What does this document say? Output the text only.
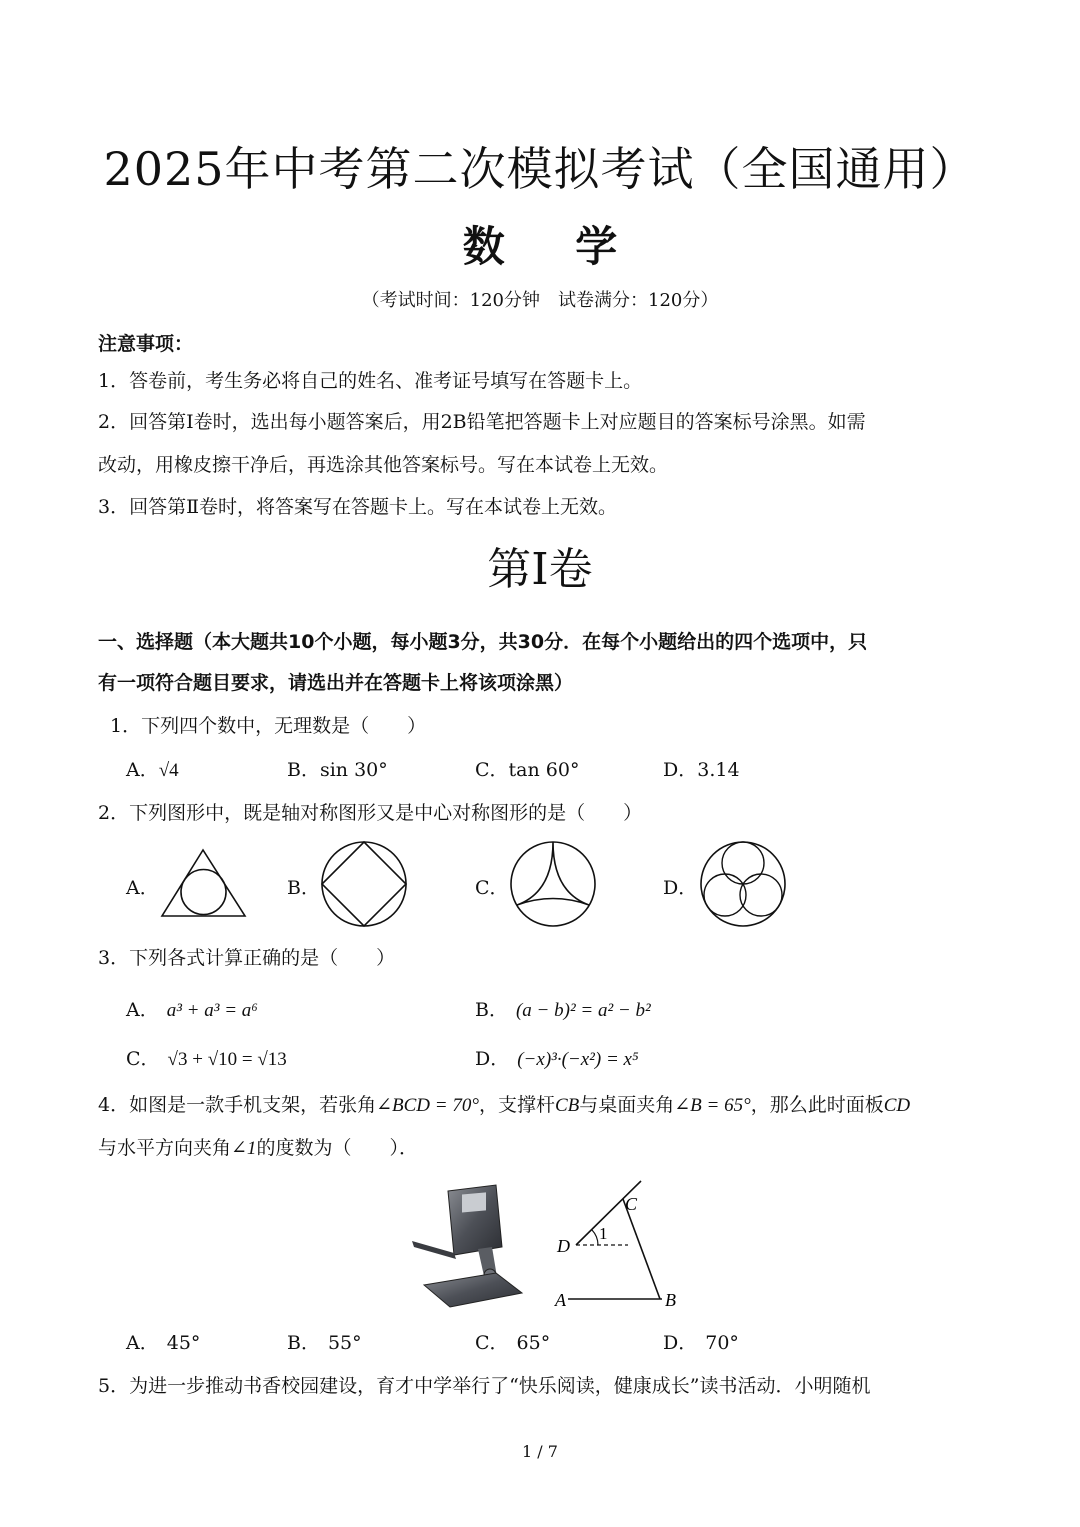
2025年中考第二次模拟考试（全国通用）
数 学
（考试时间：120分钟　试卷满分：120分）
注意事项：
1．答卷前，考生务必将自己的姓名、准考证号填写在答题卡上。
2．回答第Ⅰ卷时，选出每小题答案后，用2B铅笔把答题卡上对应题目的答案标号涂黑。如需
改动，用橡皮擦干净后，再选涂其他答案标号。写在本试卷上无效。
3．回答第Ⅱ卷时，将答案写在答题卡上。写在本试卷上无效。
第Ⅰ卷
一、选择题（本大题共10个小题，每小题3分，共30分．在每个小题给出的四个选项中，只
有一项符合题目要求，请选出并在答题卡上将该项涂黑）
1．下列四个数中，无理数是（　　）
A．√4	B．sin 30°	C．tan 60°	D．3.14
2．下列图形中，既是轴对称图形又是中心对称图形的是（　　）
A．	B．	C．	D．
3．下列各式计算正确的是（　　）
A． a³ + a³ = a⁶	B． (a − b)² = a² − b²
C． √3 + √10 = √13	D． (−x)³·(−x²) = x⁵
4．如图是一款手机支架，若张角∠BCD = 70°，支撑杆CB与桌面夹角∠B = 65°，那么此时面板CD
与水平方向夹角∠1的度数为（　　）．
C
D
A	B
1
A． 45°	B． 55°	C． 65°	D． 70°
5．为进一步推动书香校园建设，育才中学举行了“快乐阅读，健康成长”读书活动．小明随机
1 / 7
